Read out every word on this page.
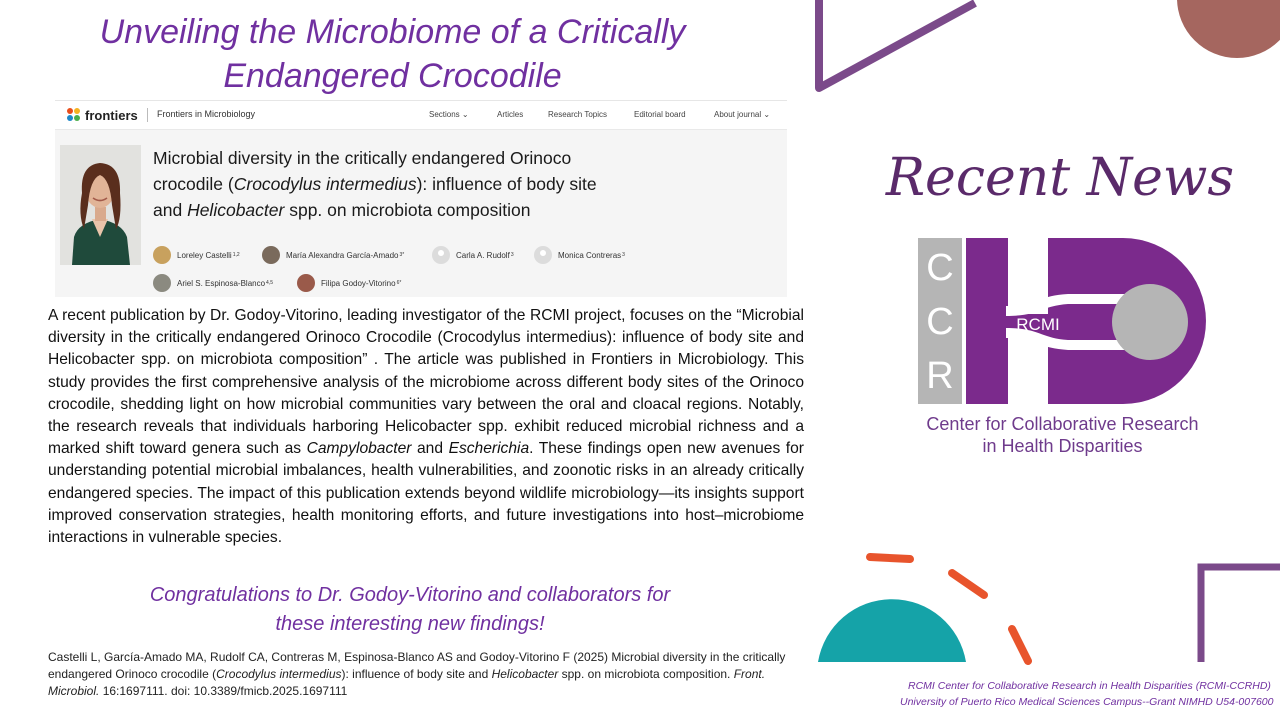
Unveiling the Microbiome of a Critically
Endangered Crocodile
frontiers Frontiers in Microbiology	Sections ⌄	Articles	Research Topics	Editorial board	About journal ⌄
Microbial diversity in the critically endangered Orinoco
crocodile (Crocodylus intermedius): influence of body site
and Helicobacter spp. on microbiota composition
Loreley Castelli 1,2	María Alexandra García-Amado 3*	Carla A. Rudolf 3	Monica Contreras 3
Ariel S. Espinosa-Blanco 4,5	Filipa Godoy-Vitorino 6*
A recent publication by Dr. Godoy-Vitorino, leading investigator of the RCMI project, focuses on the “Microbial diversity in the critically endangered Orinoco Crocodile (Crocodylus intermedius): influence of body site and Helicobacter spp. on microbiota composition” . The article was published in Frontiers in Microbiology. This study provides the first comprehensive analysis of the microbiome across different body sites of the Orinoco crocodile, shedding light on how microbial communities vary between the oral and cloacal regions. Notably, the research reveals that individuals harboring Helicobacter spp. exhibit reduced microbial richness and a marked shift toward genera such as Campylobacter and Escherichia. These findings open new avenues for understanding potential microbial imbalances, health vulnerabilities, and zoonotic risks in an already critically endangered species. The impact of this publication extends beyond wildlife microbiology—its insights support improved conservation strategies, health monitoring efforts, and future investigations into host–microbiome interactions in vulnerable species.
Congratulations to Dr. Godoy-Vitorino and collaborators for
these interesting new findings!
Castelli L, García-Amado MA, Rudolf CA, Contreras M, Espinosa-Blanco AS and Godoy-Vitorino F (2025) Microbial diversity in the critically endangered Orinoco crocodile (Crocodylus intermedius): influence of body site and Helicobacter spp. on microbiota composition. Front. Microbiol. 16:1697111. doi: 10.3389/fmicb.2025.1697111
Recent News
C
C
R
RCMI
Center for Collaborative Research
in Health Disparities
RCMI Center for Collaborative Research in Health Disparities (RCMI-CCRHD)
University of Puerto Rico Medical Sciences Campus--Grant NIMHD U54-007600
